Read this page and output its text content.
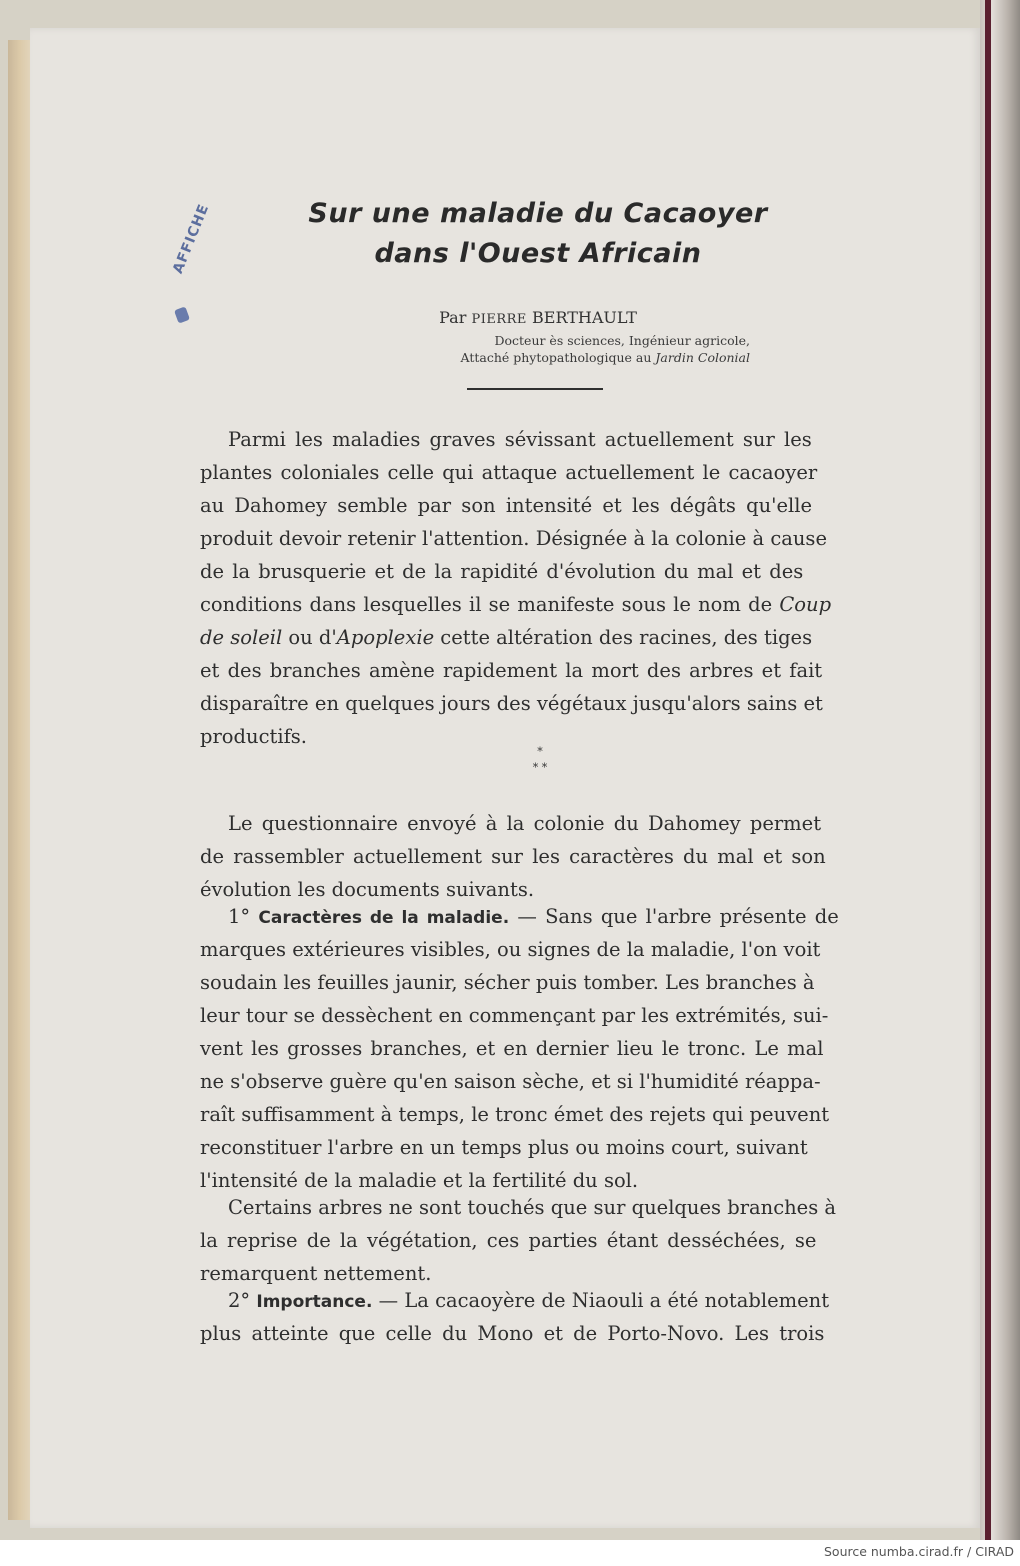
AFFICHE	Sur une maladie du Cacaoyer
dans l'Ouest Africain

Par PIERRE BERTHAULT

Docteur ès sciences, Ingénieur agricole,

Attaché phytopathologique au Jardin Colonial

Parmi les maladies graves sévissant actuellement sur les

plantes coloniales celle qui attaque actuellement le cacaoyer

au Dahomey semble par son intensité et les dégâts qu'elle

produit devoir retenir l'attention. Désignée à la colonie à cause

de la brusquerie et de la rapidité d'évolution du mal et des

conditions dans lesquelles il se manifeste sous le nom de Coup

de soleil ou d'Apoplexie cette altération des racines, des tiges

et des branches amène rapidement la mort des arbres et fait

disparaître en quelques jours des végétaux jusqu'alors sains et

productifs.

*

* *

Le questionnaire envoyé à la colonie du Dahomey permet

de rassembler actuellement sur les caractères du mal et son

évolution les documents suivants.

1° Caractères de la maladie. — Sans que l'arbre présente de

marques extérieures visibles, ou signes de la maladie, l'on voit

soudain les feuilles jaunir, sécher puis tomber. Les branches à

leur tour se dessèchent en commençant par les extrémités, sui-

vent les grosses branches, et en dernier lieu le tronc. Le mal

ne s'observe guère qu'en saison sèche, et si l'humidité réappa-

raît suffisamment à temps, le tronc émet des rejets qui peuvent

reconstituer l'arbre en un temps plus ou moins court, suivant

l'intensité de la maladie et la fertilité du sol.

Certains arbres ne sont touchés que sur quelques branches à

la reprise de la végétation, ces parties étant desséchées, se

remarquent nettement.

2° Importance. — La cacaoyère de Niaouli a été notablement

plus atteinte que celle du Mono et de Porto-Novo. Les trois

Source numba.cirad.fr / CIRAD
